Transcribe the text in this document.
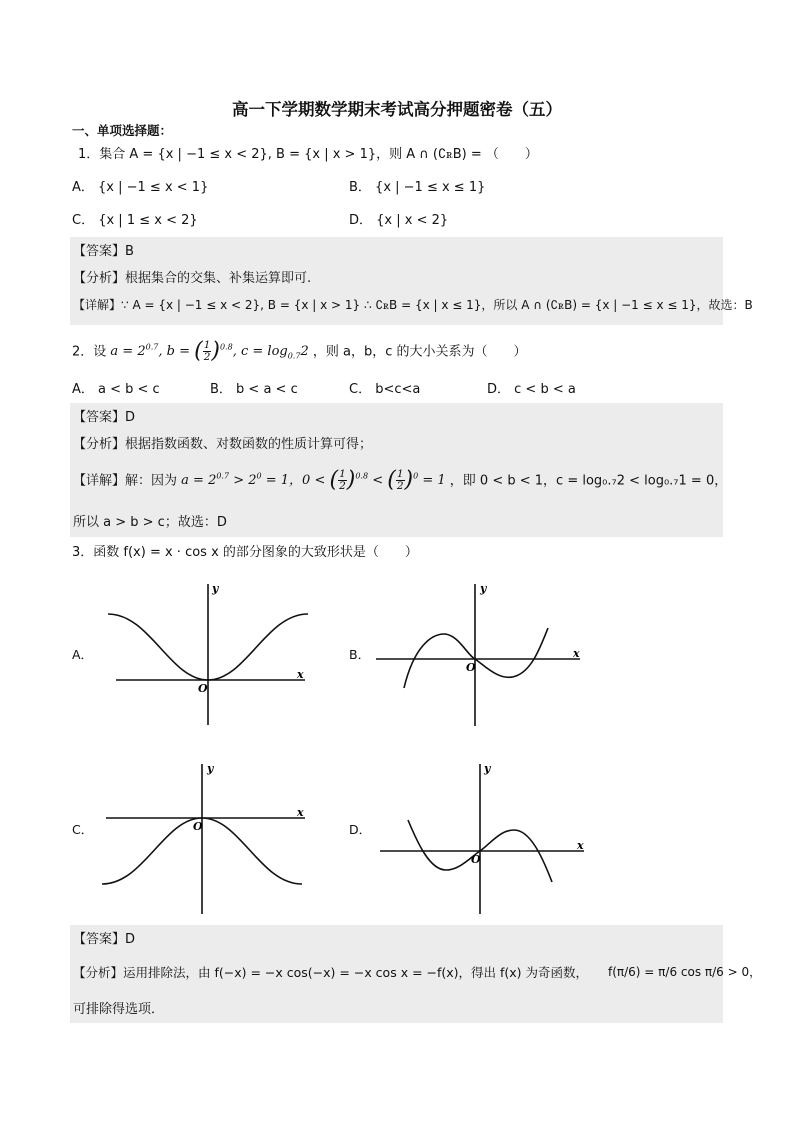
高一下学期数学期末考试高分押题密卷（五）
一、单项选择题：
1．集合 A = {x | −1 ≤ x < 2}, B = {x | x > 1}，则 A ∩ (∁ꭱB) = （　　）
A． {x | −1 ≤ x < 1}	B． {x | −1 ≤ x ≤ 1}
C． {x | 1 ≤ x < 2}	D． {x | x < 2}
【答案】B
【分析】根据集合的交集、补集运算即可.
【详解】∵ A = {x | −1 ≤ x < 2}, B = {x | x > 1} ∴ ∁ꭱB = {x | x ≤ 1}，所以 A ∩ (∁ꭱB) = {x | −1 ≤ x ≤ 1}，故选：B
2．设 $a = 2^{0.7}$, b = ( $\frac{1}{2} )^{0.8}$, $c = \log_{0.7}2$ ，则 a，b，c 的大小关系为（　　）
A． a < b < c	B． b < a < c	C． b<c<a	D． c < b < a
【答案】D
【分析】根据指数函数、对数函数的性质计算可得；
【详解】解：因为 $a = 2^{0.7} > 2^0 = 1$，0 < ( $\frac{1}{2} )^{0.8}$ < ( $\frac{1}{2} )^0 = 1$ ，即 0 < b < 1，c = log₀.₇2 < log₀.₇1 = 0，
所以 a > b > c；故选：D
3．函数 f(x) = x · cos x 的部分图象的大致形状是（　　）
A．	B．
C．	D．
y
x
O
y
x
O
y
x
O
y
x
O
【答案】D
【分析】运用排除法，由 f(−x) = −x cos(−x) = −x cos x = −f(x)，得出 f(x) 为奇函数， f(π/6) = π/6 cos π/6 > 0，
可排除得选项．
